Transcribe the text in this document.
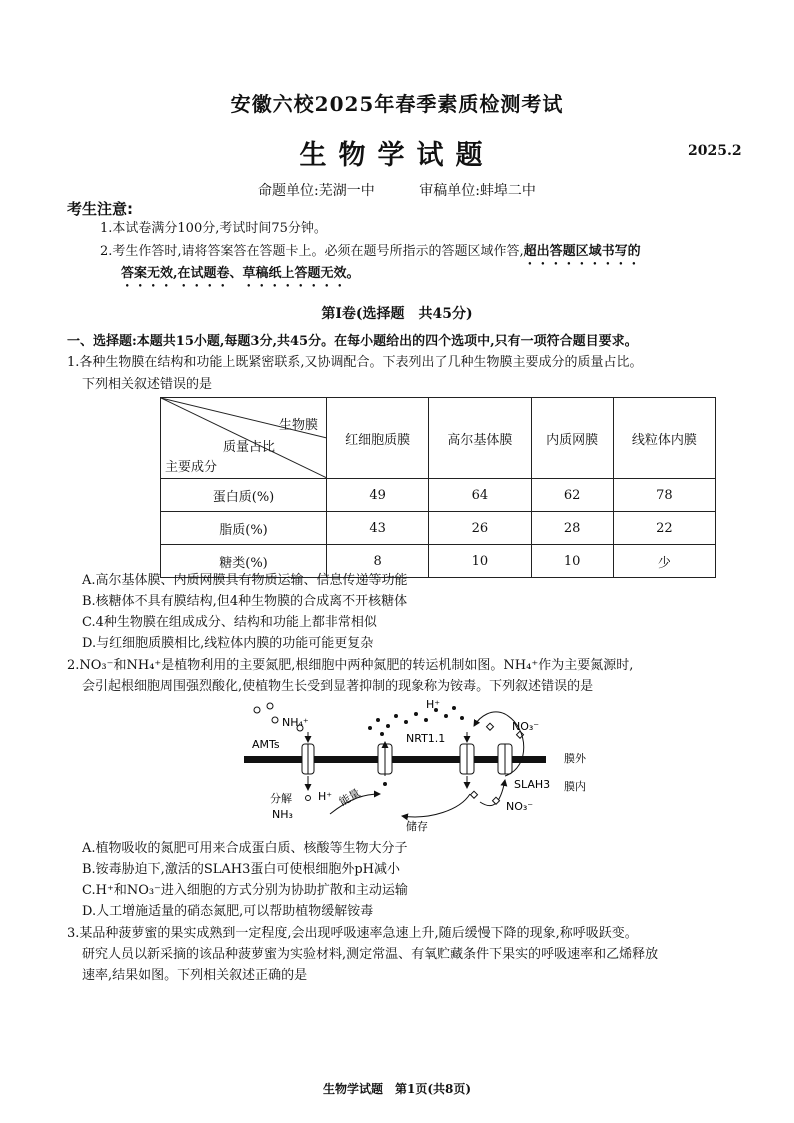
安徽六校2025年春季素质检测考试
生物学试题	2025.2
命题单位:芜湖一中	审稿单位:蚌埠二中
考生注意:
1.本试卷满分100分,考试时间75分钟。
2.考生作答时,请将答案答在答题卡上。必须在题号所指示的答题区域作答,超出答题区域书写的
答案无效,在试题卷、草稿纸上答题无效。
第Ⅰ卷(选择题　共45分)
一、选择题:本题共15小题,每题3分,共45分。在每小题给出的四个选项中,只有一项符合题目要求。
1.各种生物膜在结构和功能上既紧密联系,又协调配合。下表列出了几种生物膜主要成分的质量占比。
下列相关叙述错误的是
生物膜
质量占比
主要成分	红细胞质膜	高尔基体膜	内质网膜	线粒体内膜
蛋白质(%)	49	64	62	78
脂质(%)	43	26	28	22
糖类(%)	8	10	10	少
A.高尔基体膜、内质网膜具有物质运输、信息传递等功能
B.核糖体不具有膜结构,但4种生物膜的合成离不开核糖体
C.4种生物膜在组成成分、结构和功能上都非常相似
D.与红细胞质膜相比,线粒体内膜的功能可能更复杂
2.NO₃⁻和NH₄⁺是植物利用的主要氮肥,根细胞中两种氮肥的转运机制如图。NH₄⁺作为主要氮源时,
会引起根细胞周围强烈酸化,使植物生长受到显著抑制的现象称为铵毒。下列叙述错误的是
NH₄⁺
AMTs
H⁺
NRT1.1
NO₃⁻
膜外
膜内
SLAH3
分解
NH₃
H⁺ 能量
储存
NO₃⁻
A.植物吸收的氮肥可用来合成蛋白质、核酸等生物大分子
B.铵毒胁迫下,激活的SLAH3蛋白可使根细胞外pH减小
C.H⁺和NO₃⁻进入细胞的方式分别为协助扩散和主动运输
D.人工增施适量的硝态氮肥,可以帮助植物缓解铵毒
3.某品种菠萝蜜的果实成熟到一定程度,会出现呼吸速率急速上升,随后缓慢下降的现象,称呼吸跃变。
研究人员以新采摘的该品种菠萝蜜为实验材料,测定常温、有氧贮藏条件下果实的呼吸速率和乙烯释放
速率,结果如图。下列相关叙述正确的是
生物学试题　第1页(共8页)
